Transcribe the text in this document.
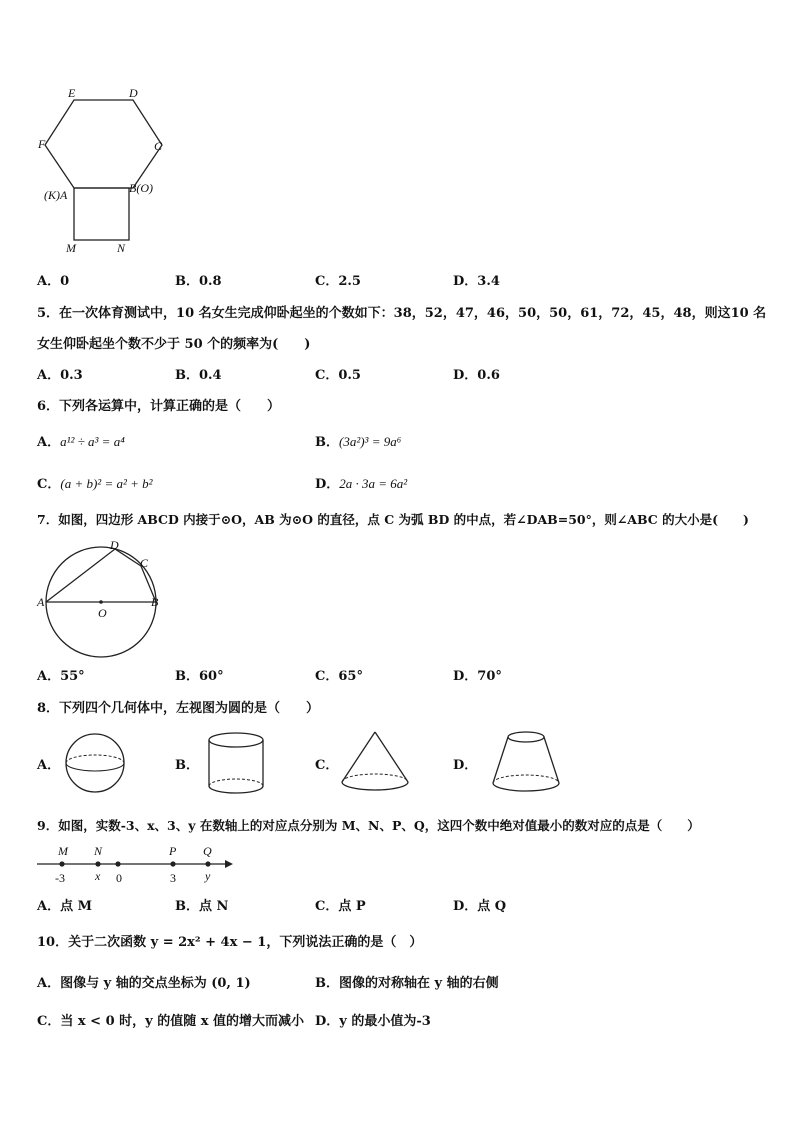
E	D
F	C
(K)A	B(O)
M	N
A．0	B．0.8	C．2.5	D．3.4
5．在一次体育测试中，10 名女生完成仰卧起坐的个数如下：38，52，47，46，50，50，61，72，45，48，则这10 名
女生仰卧起坐个数不少于 50 个的频率为(　　)
A．0.3	B．0.4	C．0.5	D．0.6
6．下列各运算中，计算正确的是（　　）
A．a¹² ÷ a³ = a⁴	B．(3a²)³ = 9a⁶
C．(a + b)² = a² + b²	D．2a · 3a = 6a²
7．如图，四边形 ABCD 内接于⊙O，AB 为⊙O 的直径，点 C 为弧 BD 的中点，若∠DAB=50°，则∠ABC 的大小是(　　)
A	B
C
D
O
A．55°	B．60°	C．65°	D．70°
8．下列四个几何体中，左视图为圆的是（　　）
A．	B．	C．	D．
9．如图，实数-3、x、3、y 在数轴上的对应点分别为 M、N、P、Q，这四个数中绝对值最小的数对应的点是（　　）
M N	P Q
-3	x 0	3 y
A．点 M	B．点 N	C．点 P	D．点 Q
10．关于二次函数 y = 2x² + 4x − 1，下列说法正确的是（　）
A．图像与 y 轴的交点坐标为 (0, 1)	B．图像的对称轴在 y 轴的右侧
C．当 x < 0 时，y 的值随 x 值的增大而减小 D．y 的最小值为-3
